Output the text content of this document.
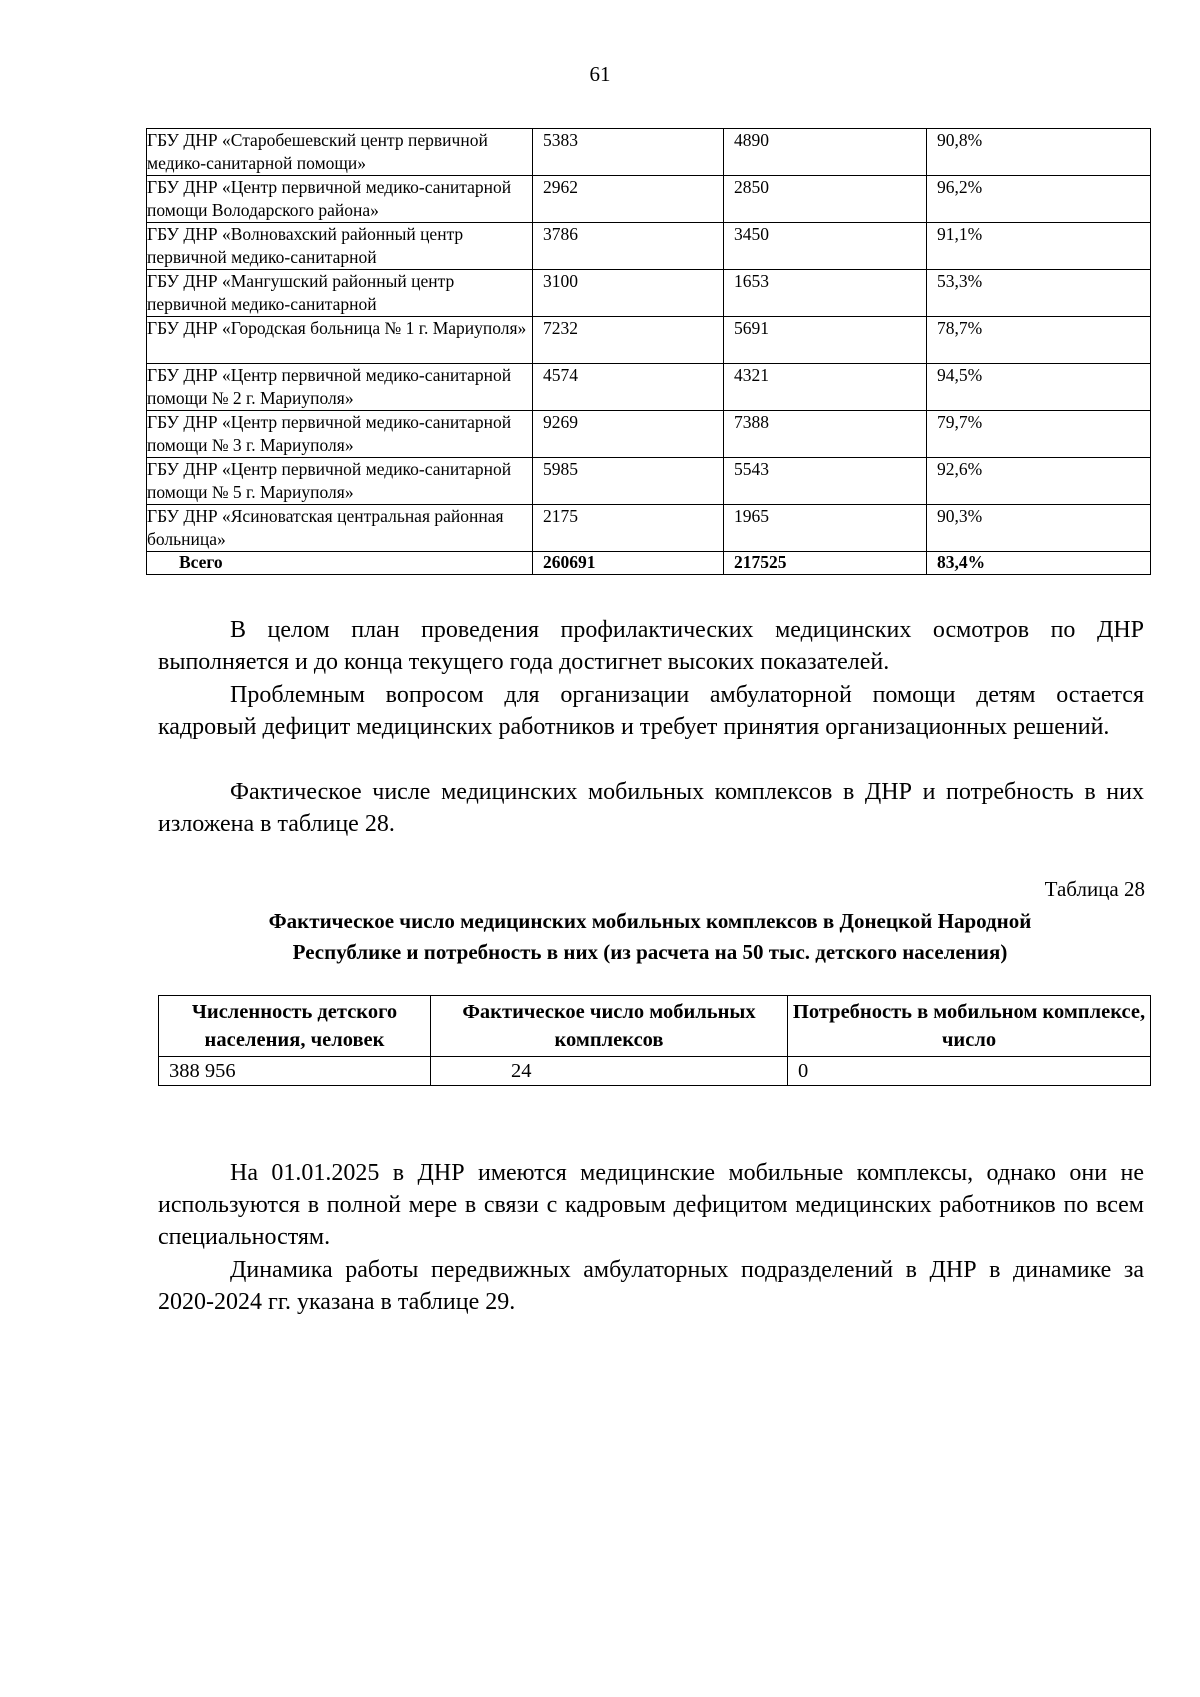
61
ГБУ ДНР «Старобешевский центр первичной медико-санитарной помощи»	5383	4890	90,8%
ГБУ ДНР «Центр первичной медико-санитарной помощи Володарского района»	2962	2850	96,2%
ГБУ ДНР «Волновахский районный центр первичной медико-санитарной	3786	3450	91,1%
ГБУ ДНР «Мангушский районный центр первичной медико-санитарной	3100	1653	53,3%
ГБУ ДНР «Городская больница № 1 г. Мариуполя»	7232	5691	78,7%
ГБУ ДНР «Центр первичной медико-санитарной помощи № 2 г. Мариуполя»	4574	4321	94,5%
ГБУ ДНР «Центр первичной медико-санитарной помощи № 3 г. Мариуполя»	9269	7388	79,7%
ГБУ ДНР «Центр первичной медико-санитарной помощи № 5 г. Мариуполя»	5985	5543	92,6%
ГБУ ДНР «Ясиноватская центральная районная больница»	2175	1965	90,3%
Всего	260691	217525	83,4%

В целом план проведения профилактических медицинских осмотров по ДНР выполняется и до конца текущего года достигнет высоких показателей.

Проблемным вопросом для организации амбулаторной помощи детям остается кадровый дефицит медицинских работников и требует принятия организационных решений.

Фактическое числе медицинских мобильных комплексов в ДНР и потребность в них изложена в таблице 28.

Таблица 28
Фактическое число медицинских мобильных комплексов в Донецкой Народной
Республике и потребность в них (из расчета на 50 тыс. детского населения)
Численность детского населения, человек	Фактическое число мобильных комплексов	Потребность в мобильном комплексе, число
388 956	24	0

На 01.01.2025 в ДНР имеются медицинские мобильные комплексы, однако они не используются в полной мере в связи с кадровым дефицитом медицинских работников по всем специальностям.

Динамика работы передвижных амбулаторных подразделений в ДНР в динамике за 2020-2024 гг. указана в таблице 29.
